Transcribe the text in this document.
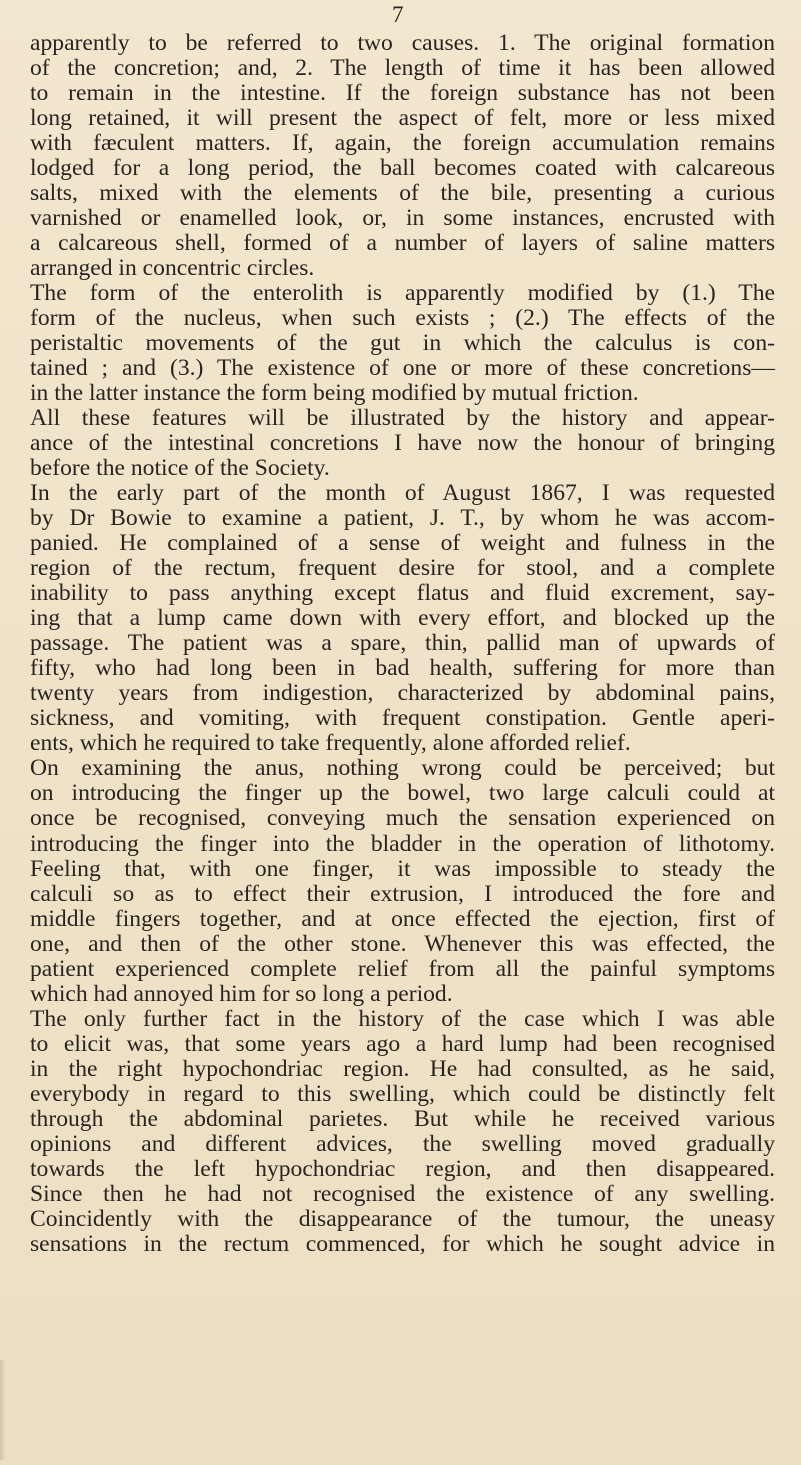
7
apparently to be referred to two causes. 1. The original formation
of the concretion; and, 2. The length of time it has been allowed
to remain in the intestine. If the foreign substance has not been
long retained, it will present the aspect of felt, more or less mixed
with fæculent matters. If, again, the foreign accumulation remains
lodged for a long period, the ball becomes coated with calcareous
salts, mixed with the elements of the bile, presenting a curious
varnished or enamelled look, or, in some instances, encrusted with
a calcareous shell, formed of a number of layers of saline matters
arranged in concentric circles.
The form of the enterolith is apparently modified by (1.) The
form of the nucleus, when such exists ; (2.) The effects of the
peristaltic movements of the gut in which the calculus is con-
tained ; and (3.) The existence of one or more of these concretions—
in the latter instance the form being modified by mutual friction.
All these features will be illustrated by the history and appear-
ance of the intestinal concretions I have now the honour of bringing
before the notice of the Society.
In the early part of the month of August 1867, I was requested
by Dr Bowie to examine a patient, J. T., by whom he was accom-
panied. He complained of a sense of weight and fulness in the
region of the rectum, frequent desire for stool, and a complete
inability to pass anything except flatus and fluid excrement, say-
ing that a lump came down with every effort, and blocked up the
passage. The patient was a spare, thin, pallid man of upwards of
fifty, who had long been in bad health, suffering for more than
twenty years from indigestion, characterized by abdominal pains,
sickness, and vomiting, with frequent constipation. Gentle aperi-
ents, which he required to take frequently, alone afforded relief.
On examining the anus, nothing wrong could be perceived; but
on introducing the finger up the bowel, two large calculi could at
once be recognised, conveying much the sensation experienced on
introducing the finger into the bladder in the operation of lithotomy.
Feeling that, with one finger, it was impossible to steady the
calculi so as to effect their extrusion, I introduced the fore and
middle fingers together, and at once effected the ejection, first of
one, and then of the other stone. Whenever this was effected, the
patient experienced complete relief from all the painful symptoms
which had annoyed him for so long a period.
The only further fact in the history of the case which I was able
to elicit was, that some years ago a hard lump had been recognised
in the right hypochondriac region. He had consulted, as he said,
everybody in regard to this swelling, which could be distinctly felt
through the abdominal parietes. But while he received various
opinions and different advices, the swelling moved gradually
towards the left hypochondriac region, and then disappeared.
Since then he had not recognised the existence of any swelling.
Coincidently with the disappearance of the tumour, the uneasy
sensations in the rectum commenced, for which he sought advice in
